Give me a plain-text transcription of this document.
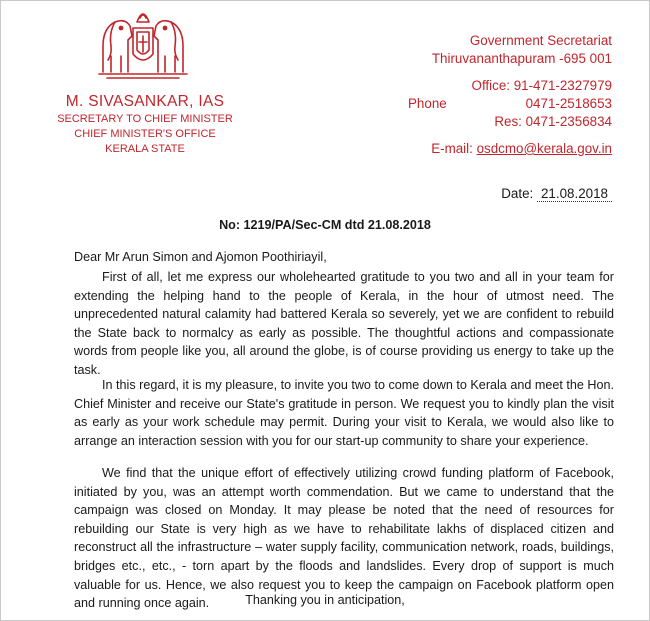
M. SIVASANKAR, IAS
SECRETARY TO CHIEF MINISTER
CHIEF MINISTER'S OFFICE
KERALA STATE
Government Secretariat
Thiruvananthapuram -695 001
Phone
Office: 91-471-2327979
0471-2518653
Res: 0471-2356834
E-mail: osdcmo@kerala.gov.in
Date: 21.08.2018
No: 1219/PA/Sec-CM dtd 21.08.2018
Dear Mr Arun Simon and Ajomon Poothiriayil,

First of all, let me express our wholehearted gratitude to you two and all in your team for extending the helping hand to the people of Kerala, in the hour of utmost need. The unprecedented natural calamity had battered Kerala so severely, yet we are confident to rebuild the State back to normalcy as early as possible. The thoughtful actions and compassionate words from people like you, all around the globe, is of course providing us energy to take up the task.

In this regard, it is my pleasure, to invite you two to come down to Kerala and meet the Hon. Chief Minister and receive our State's gratitude in person. We request you to kindly plan the visit as early as your work schedule may permit. During your visit to Kerala, we would also like to arrange an interaction session with you for our start-up community to share your experience.

We find that the unique effort of effectively utilizing crowd funding platform of Facebook, initiated by you, was an attempt worth commendation. But we came to understand that the campaign was closed on Monday. It may please be noted that the need of resources for rebuilding our State is very high as we have to rehabilitate lakhs of displaced citizen and reconstruct all the infrastructure – water supply facility, communication network, roads, buildings, bridges etc., etc., - torn apart by the floods and landslides. Every drop of support is much valuable for us. Hence, we also request you to keep the campaign on Facebook platform open and running once again.	Thanking you in anticipation,
